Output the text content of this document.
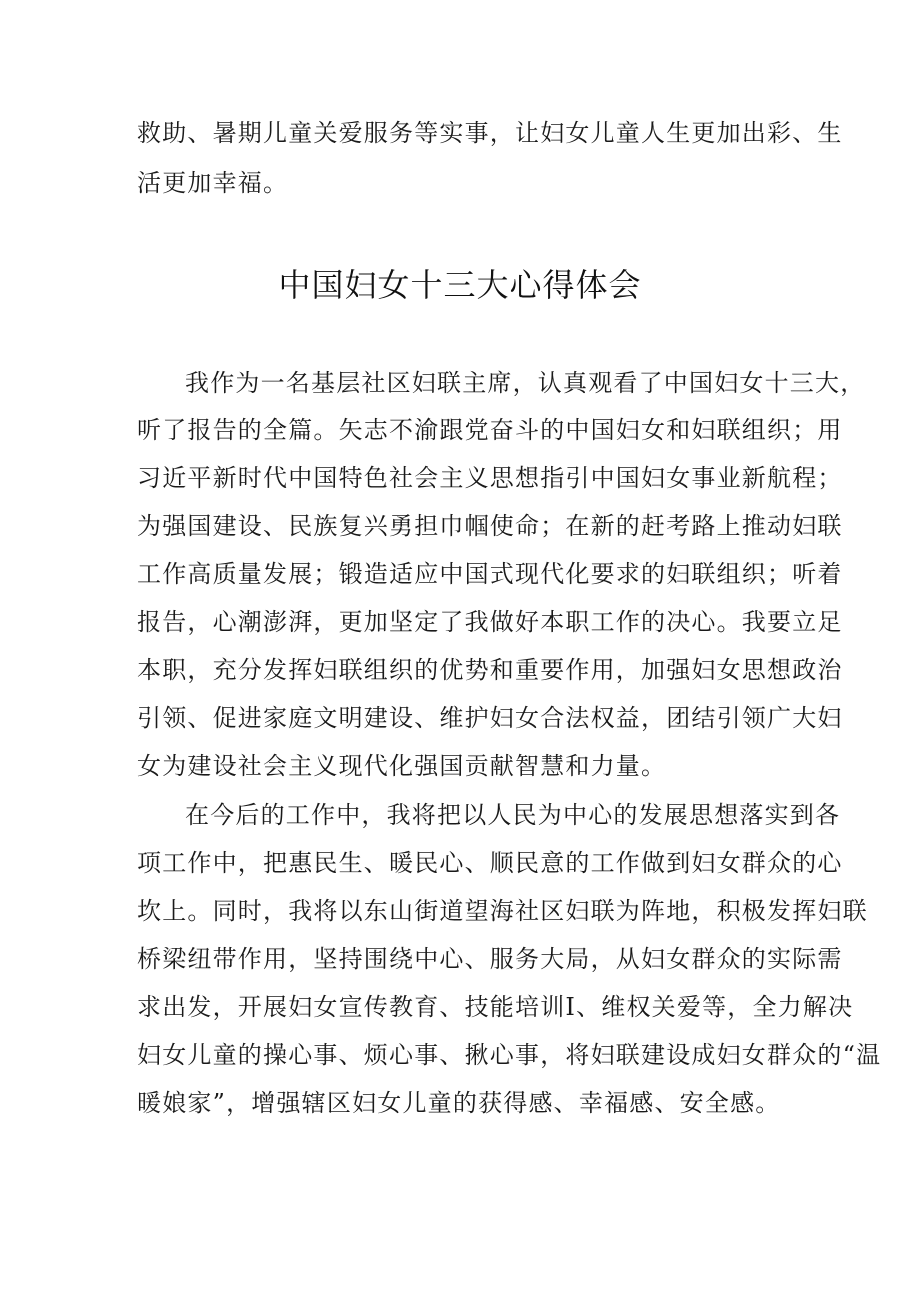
救助、暑期儿童关爱服务等实事，让妇女儿童人生更加出彩、生
活更加幸福。
中国妇女十三大心得体会
我作为一名基层社区妇联主席，认真观看了中国妇女十三大，
听了报告的全篇。矢志不渝跟党奋斗的中国妇女和妇联组织；用
习近平新时代中国特色社会主义思想指引中国妇女事业新航程；
为强国建设、民族复兴勇担巾帼使命；在新的赶考路上推动妇联
工作高质量发展；锻造适应中国式现代化要求的妇联组织；听着
报告，心潮澎湃，更加坚定了我做好本职工作的决心。我要立足
本职，充分发挥妇联组织的优势和重要作用，加强妇女思想政治
引领、促进家庭文明建设、维护妇女合法权益，团结引领广大妇
女为建设社会主义现代化强国贡献智慧和力量。
在今后的工作中，我将把以人民为中心的发展思想落实到各
项工作中，把惠民生、暖民心、顺民意的工作做到妇女群众的心
坎上。同时，我将以东山街道望海社区妇联为阵地，积极发挥妇联
桥梁纽带作用，坚持围绕中心、服务大局，从妇女群众的实际需
求出发，开展妇女宣传教育、技能培训I、维权关爱等，全力解决
妇女儿童的操心事、烦心事、揪心事，将妇联建设成妇女群众的“温
暖娘家”，增强辖区妇女儿童的获得感、幸福感、安全感。
